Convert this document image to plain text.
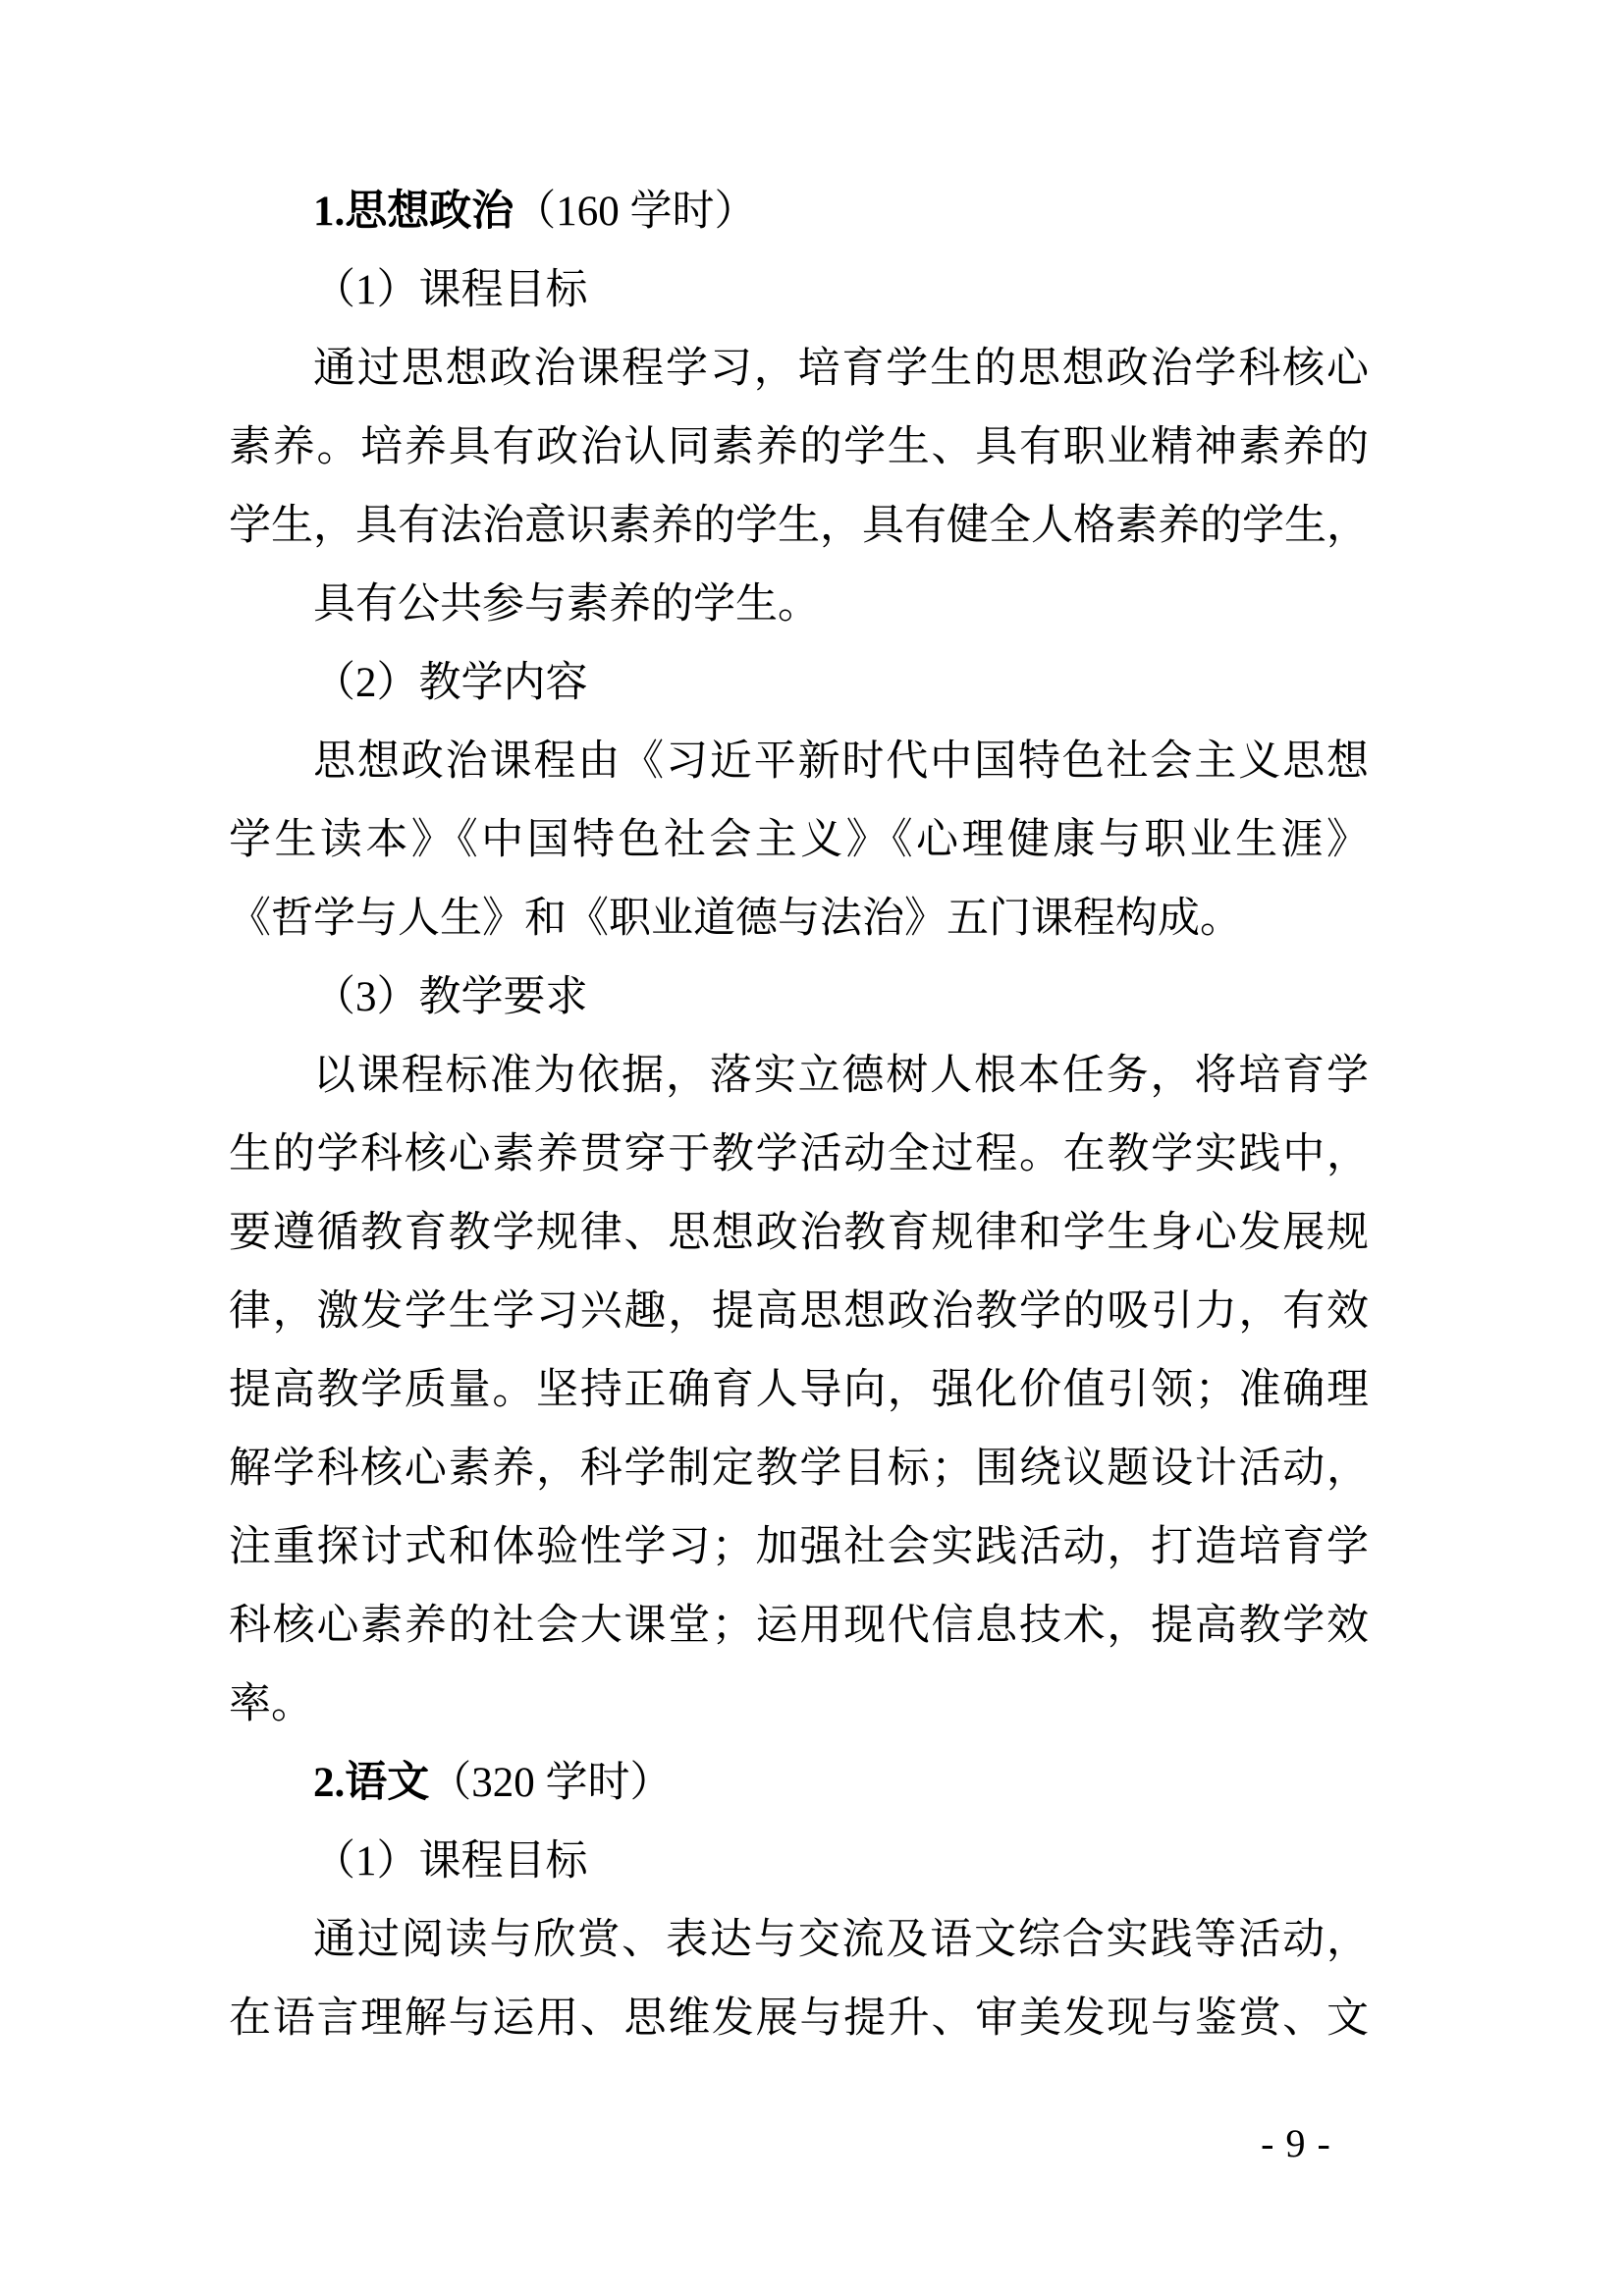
1.思想政治（160 学时）
（1）课程目标
通过思想政治课程学习，培育学生的思想政治学科核心
素养。培养具有政治认同素养的学生、具有职业精神素养的
学生，具有法治意识素养的学生，具有健全人格素养的学生，
具有公共参与素养的学生。
（2）教学内容
思想政治课程由《习近平新时代中国特色社会主义思想
学生读本》《中国特色社会主义》《心理健康与职业生涯》
《哲学与人生》和《职业道德与法治》五门课程构成。
（3）教学要求
以课程标准为依据，落实立德树人根本任务，将培育学
生的学科核心素养贯穿于教学活动全过程。在教学实践中，
要遵循教育教学规律、思想政治教育规律和学生身心发展规
律，激发学生学习兴趣，提高思想政治教学的吸引力，有效
提高教学质量。坚持正确育人导向，强化价值引领；准确理
解学科核心素养，科学制定教学目标；围绕议题设计活动，
注重探讨式和体验性学习；加强社会实践活动，打造培育学
科核心素养的社会大课堂；运用现代信息技术，提高教学效
率。
2.语文（320 学时）
（1）课程目标
通过阅读与欣赏、表达与交流及语文综合实践等活动，
在语言理解与运用、思维发展与提升、审美发现与鉴赏、文
- 9 -
